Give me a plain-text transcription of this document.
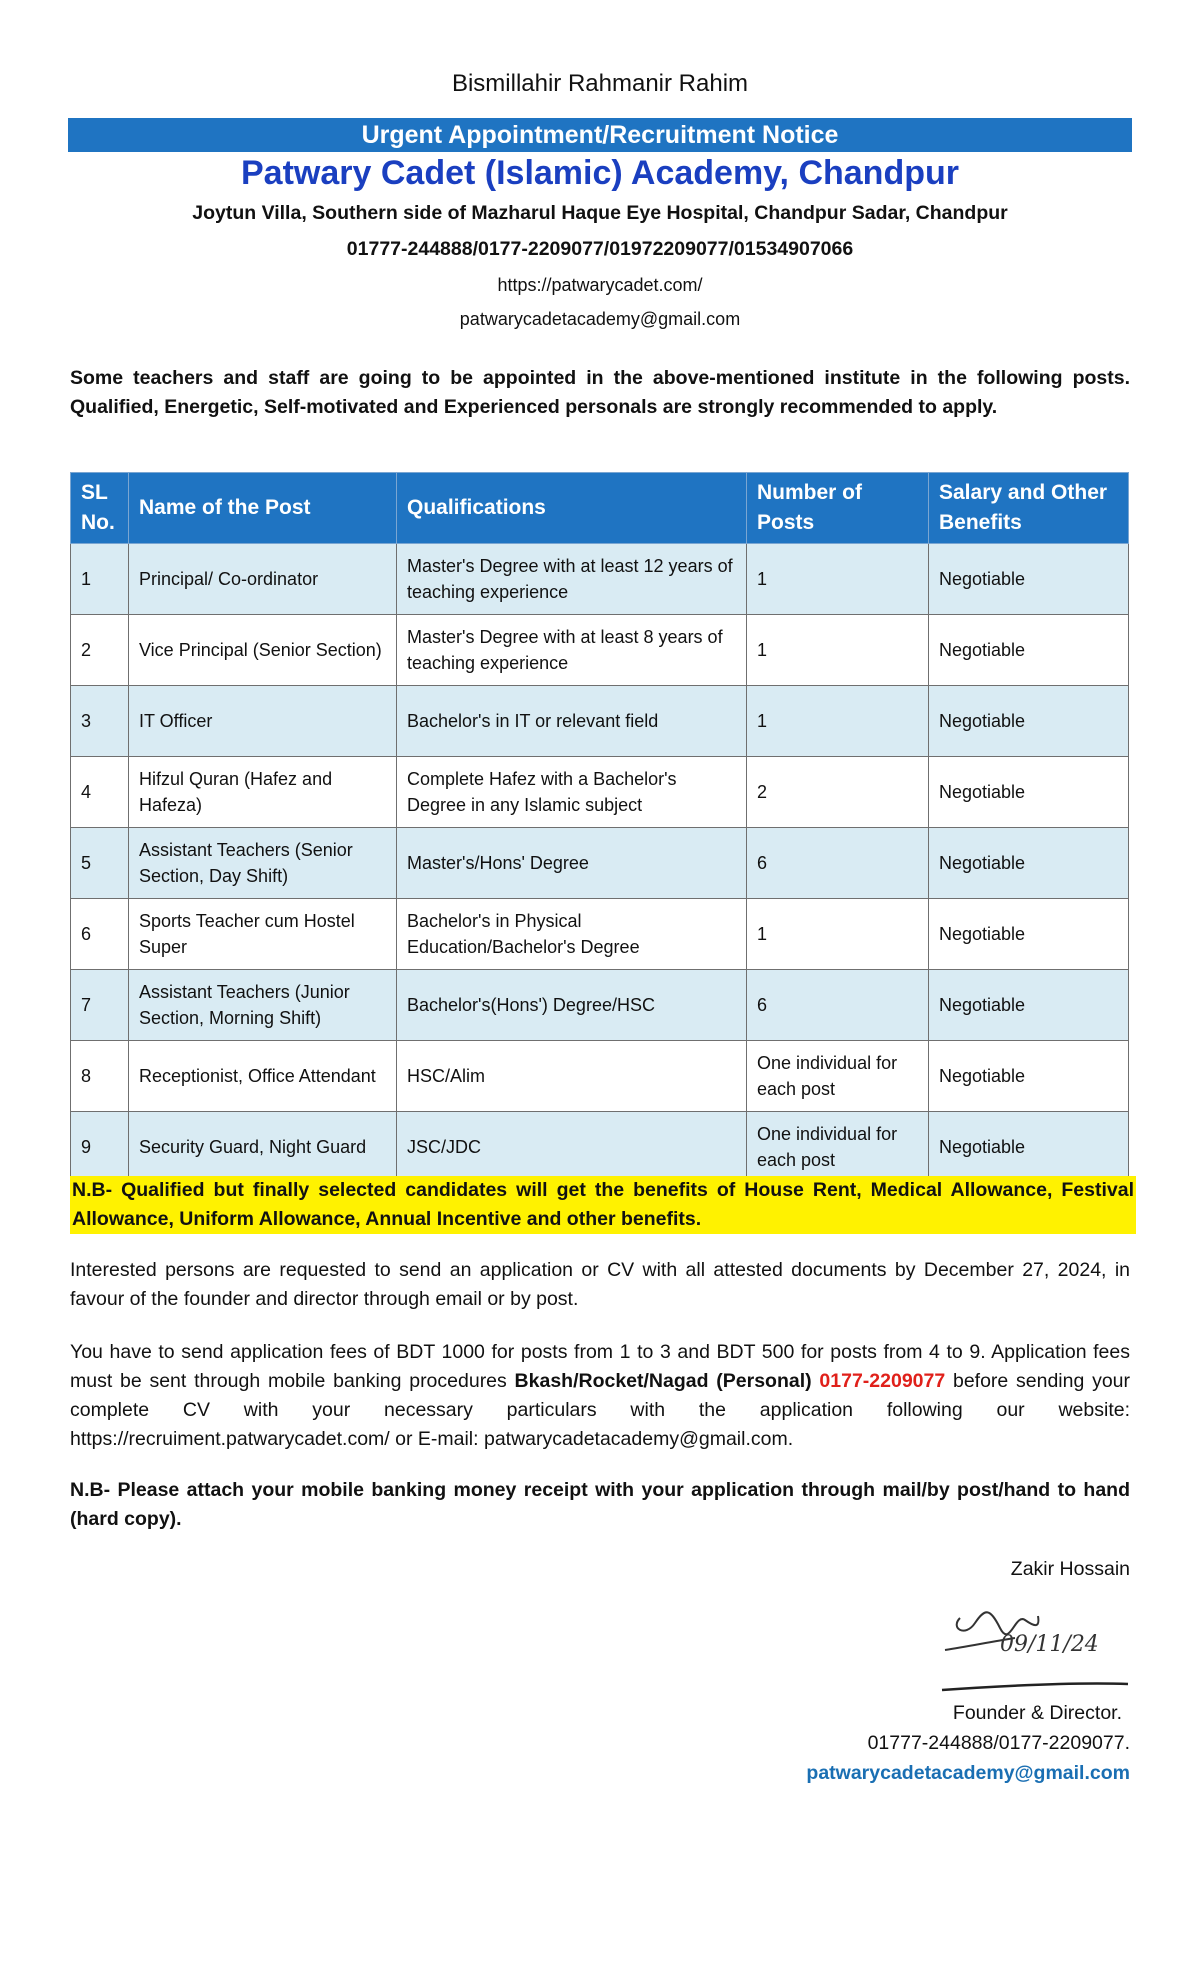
Bismillahir Rahmanir Rahim
Urgent Appointment/Recruitment Notice
Patwary Cadet (Islamic) Academy, Chandpur
Joytun Villa, Southern side of Mazharul Haque Eye Hospital, Chandpur Sadar, Chandpur
01777-244888/0177-2209077/01972209077/01534907066
https://patwarycadet.com/
patwarycadetacademy@gmail.com
Some teachers and staff are going to be appointed in the above-mentioned institute in the following posts. Qualified, Energetic, Self-motivated and Experienced personals are strongly recommended to apply.
SL No.	Name of the Post	Qualifications	Number of Posts	Salary and Other Benefits
1	Principal/ Co-ordinator	Master's Degree with at least 12 years of teaching experience	1	Negotiable
2	Vice Principal (Senior Section)	Master's Degree with at least 8 years of teaching experience	1	Negotiable
3	IT Officer	Bachelor's in IT or relevant field	1	Negotiable
4	Hifzul Quran (Hafez and Hafeza)	Complete Hafez with a Bachelor's Degree in any Islamic subject	2	Negotiable
5	Assistant Teachers (Senior Section, Day Shift)	Master's/Hons' Degree	6	Negotiable
6	Sports Teacher cum Hostel Super	Bachelor's in Physical Education/Bachelor's Degree	1	Negotiable
7	Assistant Teachers (Junior Section, Morning Shift)	Bachelor's(Hons') Degree/HSC	6	Negotiable
8	Receptionist, Office Attendant	HSC/Alim	One individual for each post	Negotiable
9	Security Guard, Night Guard	JSC/JDC	One individual for each post	Negotiable
N.B- Qualified but finally selected candidates will get the benefits of House Rent, Medical Allowance, Festival Allowance, Uniform Allowance, Annual Incentive and other benefits.
Interested persons are requested to send an application or CV with all attested documents by December 27, 2024, in favour of the founder and director through email or by post.
You have to send application fees of BDT 1000 for posts from 1 to 3 and BDT 500 for posts from 4 to 9. Application fees must be sent through mobile banking procedures Bkash/Rocket/Nagad (Personal) 0177-2209077 before sending your complete CV with your necessary particulars with the application following our website: https://recruiment.patwarycadet.com/ or E-mail: patwarycadetacademy@gmail.com.
N.B- Please attach your mobile banking money receipt with your application through mail/by post/hand to hand (hard copy).
Zakir Hossain
09/11/24
Founder & Director.
01777-244888/0177-2209077.
patwarycadetacademy@gmail.com
